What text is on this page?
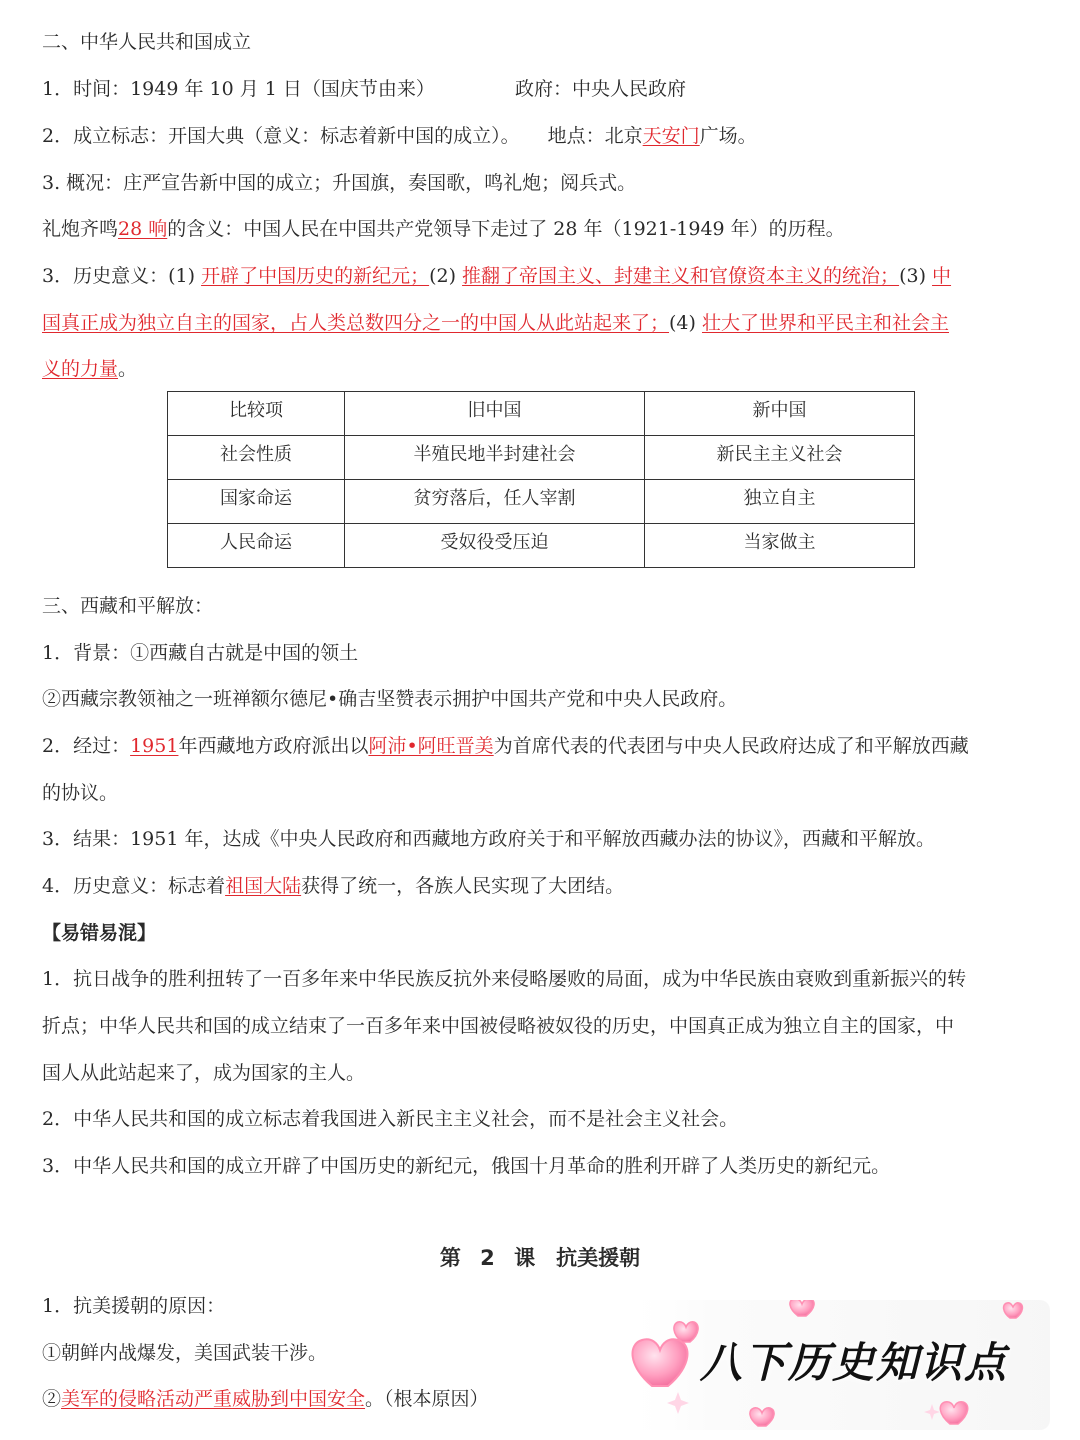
二、中华人民共和国成立
1．时间：1949 年 10 月 1 日（国庆节由来）	政府：中央人民政府
2．成立标志：开国大典（意义：标志着新中国的成立）。 地点：北京天安门广场。
3. 概况：庄严宣告新中国的成立；升国旗，奏国歌，鸣礼炮；阅兵式。
礼炮齐鸣28 响的含义：中国人民在中国共产党领导下走过了 28 年（1921-1949 年）的历程。
3．历史意义：(1) 开辟了中国历史的新纪元；(2) 推翻了帝国主义、封建主义和官僚资本主义的统治；(3) 中
国真正成为独立自主的国家，占人类总数四分之一的中国人从此站起来了；(4) 壮大了世界和平民主和社会主
义的力量。
比较项	旧中国	新中国
社会性质	半殖民地半封建社会	新民主主义社会
国家命运	贫穷落后，任人宰割	独立自主
人民命运	受奴役受压迫	当家做主
三、西藏和平解放：
1．背景：①西藏自古就是中国的领土
②西藏宗教领袖之一班禅额尔德尼•确吉坚赞表示拥护中国共产党和中央人民政府。
2．经过：1951年西藏地方政府派出以阿沛•阿旺晋美为首席代表的代表团与中央人民政府达成了和平解放西藏
的协议。
3．结果：1951 年，达成《中央人民政府和西藏地方政府关于和平解放西藏办法的协议》，西藏和平解放。
4．历史意义：标志着祖国大陆获得了统一，各族人民实现了大团结。
【易错易混】
1．抗日战争的胜利扭转了一百多年来中华民族反抗外来侵略屡败的局面，成为中华民族由衰败到重新振兴的转
折点；中华人民共和国的成立结束了一百多年来中国被侵略被奴役的历史，中国真正成为独立自主的国家，中
国人从此站起来了，成为国家的主人。
2．中华人民共和国的成立标志着我国进入新民主主义社会，而不是社会主义社会。
3．中华人民共和国的成立开辟了中国历史的新纪元，俄国十月革命的胜利开辟了人类历史的新纪元。
第 2 课　抗美援朝
1．抗美援朝的原因：
①朝鲜内战爆发，美国武装干涉。
②美军的侵略活动严重威胁到中国安全。（根本原因）
八下历史知识点
